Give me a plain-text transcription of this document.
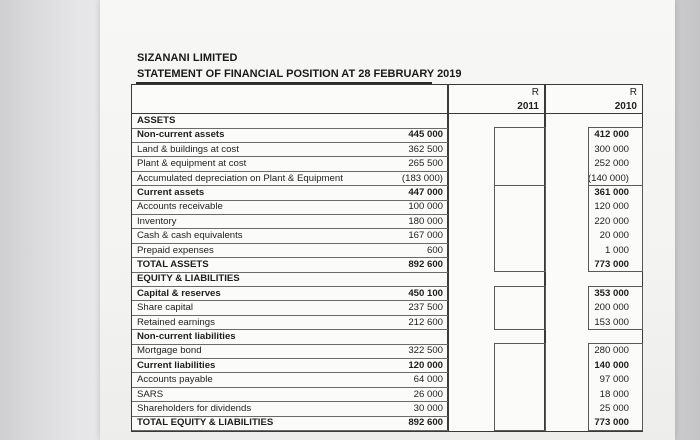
SIZANANI LIMITED
STATEMENT OF FINANCIAL POSITION AT 28 FEBRUARY 2019
R
2011
R
2010
ASSETS
Non-current assets	445 000	412 000
Land & buildings at cost	362 500	300 000
Plant & equipment at cost	265 500	252 000
Accumulated depreciation on Plant & Equipment	(183 000)	(140 000)
Current assets	447 000	361 000
Accounts receivable	100 000	120 000
Inventory	180 000	220 000
Cash & cash equivalents	167 000	20 000
Prepaid expenses	600	1 000
TOTAL ASSETS	892 600	773 000
EQUITY & LIABILITIES
Capital & reserves	450 100	353 000
Share capital	237 500	200 000
Retained earnings	212 600	153 000
Non-current liabilities
Mortgage bond	322 500	280 000
Current liabilities	120 000	140 000
Accounts payable	64 000	97 000
SARS	26 000	18 000
Shareholders for dividends	30 000	25 000
TOTAL EQUITY & LIABILITIES	892 600	773 000
